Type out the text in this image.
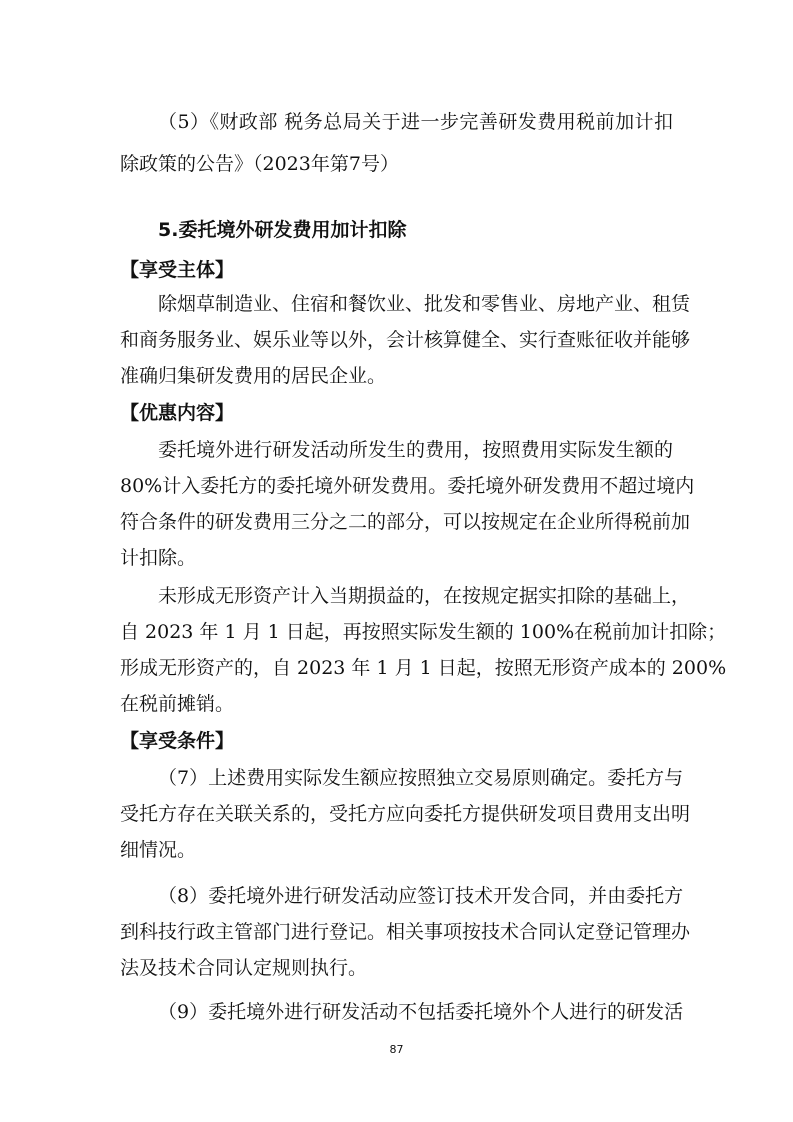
（5）《财政部 税务总局关于进一步完善研发费用税前加计扣
除政策的公告》（2023年第7号）
5.委托境外研发费用加计扣除
【享受主体】
除烟草制造业、住宿和餐饮业、批发和零售业、房地产业、租赁
和商务服务业、娱乐业等以外，会计核算健全、实行查账征收并能够
准确归集研发费用的居民企业。
【优惠内容】
委托境外进行研发活动所发生的费用，按照费用实际发生额的
80%计入委托方的委托境外研发费用。委托境外研发费用不超过境内
符合条件的研发费用三分之二的部分，可以按规定在企业所得税前加
计扣除。
未形成无形资产计入当期损益的，在按规定据实扣除的基础上，
自 2023 年 1 月 1 日起，再按照实际发生额的 100%在税前加计扣除；
形成无形资产的，自 2023 年 1 月 1 日起，按照无形资产成本的 200%
在税前摊销。
【享受条件】
（7）上述费用实际发生额应按照独立交易原则确定。委托方与
受托方存在关联关系的，受托方应向委托方提供研发项目费用支出明
细情况。
（8）委托境外进行研发活动应签订技术开发合同，并由委托方
到科技行政主管部门进行登记。相关事项按技术合同认定登记管理办
法及技术合同认定规则执行。
（9）委托境外进行研发活动不包括委托境外个人进行的研发活
87
